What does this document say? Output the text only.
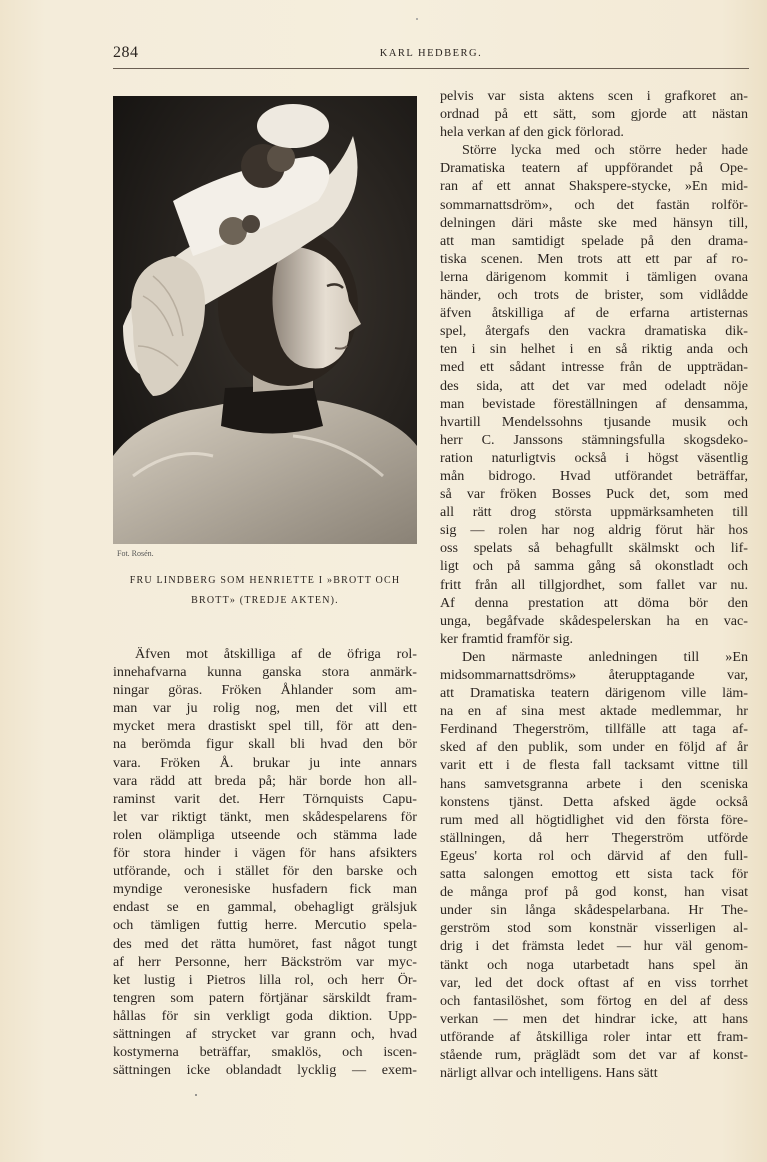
284	KARL HEDBERG.
Fot. Rosén.
FRU LINDBERG SOM HENRIETTE I »BROTT OCH
BROTT» (TREDJE AKTEN).
Äfven mot åtskilliga af de öfriga rol-
innehafvarna kunna ganska stora anmärk-
ningar göras. Fröken Åhlander som am-
man var ju rolig nog, men det vill ett
mycket mera drastiskt spel till, för att den-
na berömda figur skall bli hvad den bör
vara. Fröken Å. brukar ju inte annars
vara rädd att breda på; här borde hon all-
raminst varit det. Herr Törnquists Capu-
let var riktigt tänkt, men skådespelarens för
rolen olämpliga utseende och stämma lade
för stora hinder i vägen för hans afsikters
utförande, och i stället för den barske och
myndige veronesiske husfadern fick man
endast se en gammal, obehagligt grälsjuk
och tämligen futtig herre. Mercutio spela-
des med det rätta humöret, fast något tungt
af herr Personne, herr Bäckström var myc-
ket lustig i Pietros lilla rol, och herr Ör-
tengren som patern förtjänar särskildt fram-
hållas för sin verkligt goda diktion. Upp-
sättningen af strycket var grann och, hvad
kostymerna beträffar, smaklös, och iscen-
sättningen icke oblandadt lycklig — exem-
pelvis var sista aktens scen i grafkoret an-
ordnad på ett sätt, som gjorde att nästan
hela verkan af den gick förlorad.
Större lycka med och större heder hade
Dramatiska teatern af uppförandet på Ope-
ran af ett annat Shakspere-stycke, »En mid-
sommarnattsdröm», och det fastän rolför-
delningen däri måste ske med hänsyn till,
att man samtidigt spelade på den drama-
tiska scenen. Men trots att ett par af ro-
lerna därigenom kommit i tämligen ovana
händer, och trots de brister, som vidlådde
äfven åtskilliga af de erfarna artisternas
spel, återgafs den vackra dramatiska dik-
ten i sin helhet i en så riktig anda och
med ett sådant intresse från de uppträdan-
des sida, att det var med odeladt nöje
man bevistade föreställningen af densamma,
hvartill Mendelssohns tjusande musik och
herr C. Janssons stämningsfulla skogsdeko-
ration naturligtvis också i högst väsentlig
mån bidrogo. Hvad utförandet beträffar,
så var fröken Bosses Puck det, som med
all rätt drog största uppmärksamheten till
sig — rolen har nog aldrig förut här hos
oss spelats så behagfullt skälmskt och lif-
ligt och på samma gång så okonstladt och
fritt från all tillgjordhet, som fallet var nu.
Af denna prestation att döma bör den
unga, begåfvade skådespelerskan ha en vac-
ker framtid framför sig.
Den närmaste anledningen till »En
midsommarnattsdröms» återupptagande var,
att Dramatiska teatern därigenom ville läm-
na en af sina mest aktade medlemmar, hr
Ferdinand Thegerström, tillfälle att taga af-
sked af den publik, som under en följd af år
varit ett i de flesta fall tacksamt vittne till
hans samvetsgranna arbete i den sceniska
konstens tjänst. Detta afsked ägde också
rum med all högtidlighet vid den första före-
ställningen, då herr Thegerström utförde
Egeus' korta rol och därvid af den full-
satta salongen emottog ett sista tack för
de många prof på god konst, han visat
under sin långa skådespelarbana. Hr The-
gerström stod som konstnär visserligen al-
drig i det främsta ledet — hur väl genom-
tänkt och noga utarbetadt hans spel än
var, led det dock oftast af en viss torrhet
och fantasilöshet, som förtog en del af dess
verkan — men det hindrar icke, att hans
utförande af åtskilliga roler intar ett fram-
stående rum, präglädt som det var af konst-
närligt allvar och intelligens. Hans sätt
